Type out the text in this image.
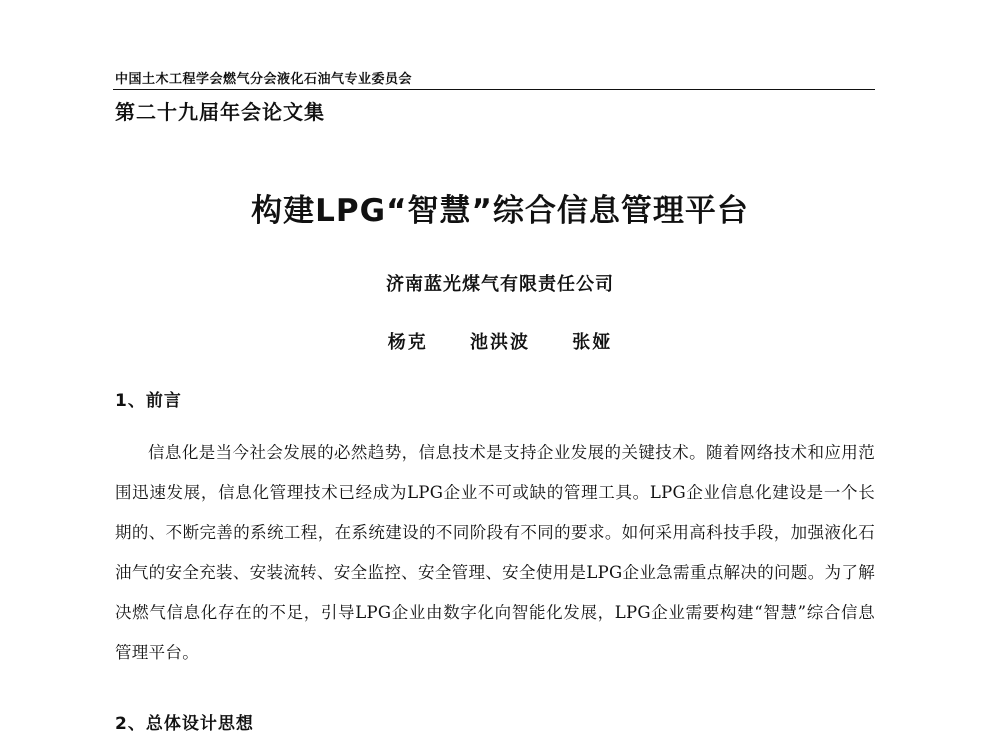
中国土木工程学会燃气分会液化石油气专业委员会
第二十九届年会论文集
构建LPG“智慧”综合信息管理平台
济南蓝光煤气有限责任公司
杨克 池洪波 张娅
1、前言
信息化是当今社会发展的必然趋势，信息技术是支持企业发展的关键技术。随着网络技术和应用范围迅速发展，信息化管理技术已经成为LPG企业不可或缺的管理工具。LPG企业信息化建设是一个长期的、不断完善的系统工程，在系统建设的不同阶段有不同的要求。如何采用高科技手段，加强液化石油气的安全充装、安装流转、安全监控、安全管理、安全使用是LPG企业急需重点解决的问题。为了解决燃气信息化存在的不足，引导LPG企业由数字化向智能化发展，LPG企业需要构建“智慧”综合信息管理平台。
2、总体设计思想
